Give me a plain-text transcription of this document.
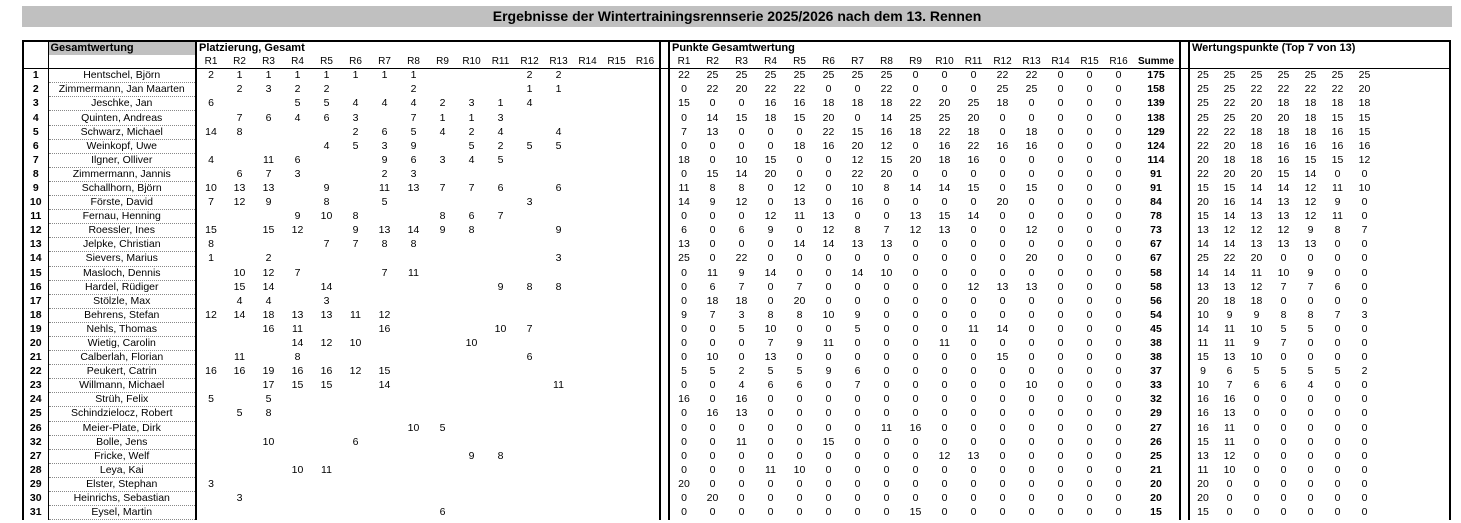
Ergebnisse der Wintertrainingsrennserie 2025/2026 nach dem 13. Rennen
	Gesamtwertung	Platzierung, Gesamt																	Punkte Gesamtwertung																		Wertungspunkte (Top 7 von 13)							
		R1	R2	R3	R4	R5	R6	R7	R8	R9	R10	R11	R12	R13	R14	R15	R16		R1	R2	R3	R4	R5	R6	R7	R8	R9	R10	R11	R12	R13	R14	R15	R16	Summe									
1	Hentschel, Björn	2	1	1	1	1	1	1	1				2	2					22	25	25	25	25	25	25	25	0	0	0	22	22	0	0	0	175		25	25	25	25	25	25	25	
2	Zimmermann, Jan Maarten		2	3	2	2			2				1	1					0	22	20	22	22	0	0	22	0	0	0	25	25	0	0	0	158		25	25	22	22	22	22	20	
3	Jeschke, Jan	6			5	5	4	4	4	2	3	1	4						15	0	0	16	16	18	18	18	22	20	25	18	0	0	0	0	139		25	22	20	18	18	18	18	
4	Quinten, Andreas		7	6	4	6	3		7	1	1	3							0	14	15	18	15	20	0	14	25	25	20	0	0	0	0	0	138		25	25	20	20	18	15	15	
5	Schwarz, Michael	14	8				2	6	5	4	2	4		4					7	13	0	0	0	22	15	16	18	22	18	0	18	0	0	0	129		22	22	18	18	18	16	15	
6	Weinkopf, Uwe					4	5	3	9		5	2	5	5					0	0	0	0	18	16	20	12	0	16	22	16	16	0	0	0	124		22	20	18	16	16	16	16	
7	Ilgner, Olliver	4		11	6			9	6	3	4	5							18	0	10	15	0	0	12	15	20	18	16	0	0	0	0	0	114		20	18	18	16	15	15	12	
8	Zimmermann, Jannis		6	7	3			2	3										0	15	14	20	0	0	22	20	0	0	0	0	0	0	0	0	91		22	20	20	15	14	0	0	
9	Schallhorn, Björn	10	13	13		9		11	13	7	7	6		6					11	8	8	0	12	0	10	8	14	14	15	0	15	0	0	0	91		15	15	14	14	12	11	10	
10	Förste, David	7	12	9		8		5					3						14	9	12	0	13	0	16	0	0	0	0	20	0	0	0	0	84		20	16	14	13	12	9	0	
11	Fernau, Henning				9	10	8			8	6	7							0	0	0	12	11	13	0	0	13	15	14	0	0	0	0	0	78		15	14	13	13	12	11	0	
12	Roessler, Ines	15		15	12		9	13	14	9	8			9					6	0	6	9	0	12	8	7	12	13	0	0	12	0	0	0	73		13	12	12	12	9	8	7	
13	Jelpke, Christian	8				7	7	8	8										13	0	0	0	14	14	13	13	0	0	0	0	0	0	0	0	67		14	14	13	13	13	0	0	
14	Sievers, Marius	1		2										3					25	0	22	0	0	0	0	0	0	0	0	0	20	0	0	0	67		25	22	20	0	0	0	0	
15	Masloch, Dennis		10	12	7			7	11										0	11	9	14	0	0	14	10	0	0	0	0	0	0	0	0	58		14	14	11	10	9	0	0	
16	Hardel, Rüdiger		15	14		14						9	8	8					0	6	7	0	7	0	0	0	0	0	12	13	13	0	0	0	58		13	13	12	7	7	6	0	
17	Stölzle, Max		4	4		3													0	18	18	0	20	0	0	0	0	0	0	0	0	0	0	0	56		20	18	18	0	0	0	0	
18	Behrens, Stefan	12	14	18	13	13	11	12											9	7	3	8	8	10	9	0	0	0	0	0	0	0	0	0	54		10	9	9	8	8	7	3	
19	Nehls, Thomas			16	11			16				10	7						0	0	5	10	0	0	5	0	0	0	11	14	0	0	0	0	45		14	11	10	5	5	0	0	
20	Wietig, Carolin				14	12	10				10								0	0	0	7	9	11	0	0	0	11	0	0	0	0	0	0	38		11	11	9	7	0	0	0	
21	Calberlah, Florian		11		8								6						0	10	0	13	0	0	0	0	0	0	0	15	0	0	0	0	38		15	13	10	0	0	0	0	
22	Peukert, Catrin	16	16	19	16	16	12	15											5	5	2	5	5	9	6	0	0	0	0	0	0	0	0	0	37		9	6	5	5	5	5	2	
23	Willmann, Michael			17	15	15		14						11					0	0	4	6	6	0	7	0	0	0	0	0	10	0	0	0	33		10	7	6	6	4	0	0	
24	Strüh, Felix	5		5															16	0	16	0	0	0	0	0	0	0	0	0	0	0	0	0	32		16	16	0	0	0	0	0	
25	Schindzielocz, Robert		5	8															0	16	13	0	0	0	0	0	0	0	0	0	0	0	0	0	29		16	13	0	0	0	0	0	
26	Meier-Plate, Dirk								10	5									0	0	0	0	0	0	0	11	16	0	0	0	0	0	0	0	27		16	11	0	0	0	0	0	
32	Bolle, Jens			10			6												0	0	11	0	0	15	0	0	0	0	0	0	0	0	0	0	26		15	11	0	0	0	0	0	
27	Fricke, Welf										9	8							0	0	0	0	0	0	0	0	0	12	13	0	0	0	0	0	25		13	12	0	0	0	0	0	
28	Leya, Kai				10	11													0	0	0	11	10	0	0	0	0	0	0	0	0	0	0	0	21		11	10	0	0	0	0	0	
29	Elster, Stephan	3																	20	0	0	0	0	0	0	0	0	0	0	0	0	0	0	0	20		20	0	0	0	0	0	0	
30	Heinrichs, Sebastian		3																0	20	0	0	0	0	0	0	0	0	0	0	0	0	0	0	20		20	0	0	0	0	0	0	
31	Eysel, Martin									6									0	0	0	0	0	0	0	0	15	0	0	0	0	0	0	0	15		15	0	0	0	0	0	0	
